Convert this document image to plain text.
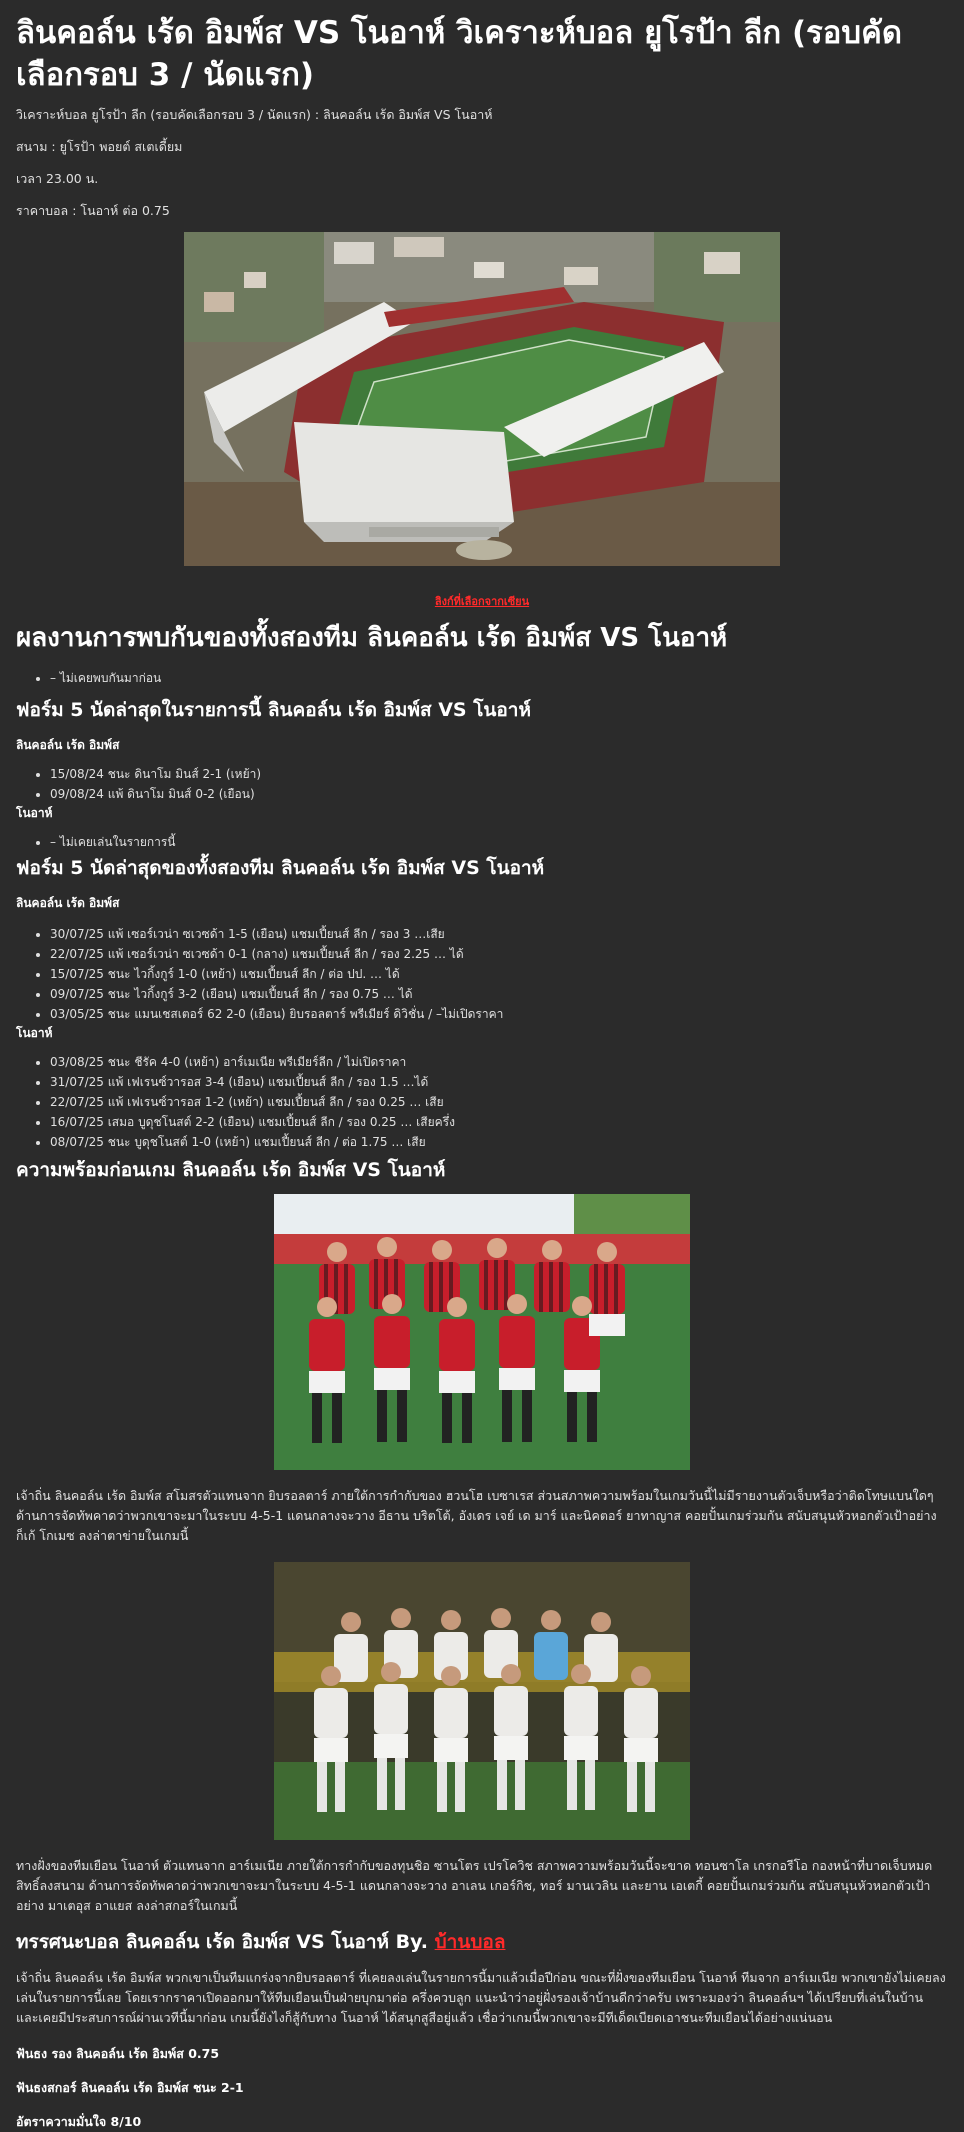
ลินคอล์น เร้ด อิมพ์ส VS โนอาห์ วิเคราะห์บอล ยูโรป้า ลีก (รอบคัดเลือกรอบ 3 / นัดแรก)

วิเคราะห์บอล ยูโรป้า ลีก (รอบคัดเลือกรอบ 3 / นัดแรก) : ลินคอล์น เร้ด อิมพ์ส VS โนอาห์

สนาม : ยูโรป้า พอยต์ สเตเดี้ยม

เวลา 23.00 น.

ราคาบอล : โนอาห์ ต่อ 0.75

ลิงก์ที่เลือกจากเซียน

ผลงานการพบกันของทั้งสองทีม ลินคอล์น เร้ด อิมพ์ส VS โนอาห์
• – ไม่เคยพบกันมาก่อน
ฟอร์ม 5 นัดล่าสุดในรายการนี้ ลินคอล์น เร้ด อิมพ์ส VS โนอาห์

ลินคอล์น เร้ด อิมพ์ส

• 15/08/24 ชนะ ดินาโม มินส์ 2-1 (เหย้า)
• 09/08/24 แพ้ ดินาโม มินส์ 0-2 (เยือน)

โนอาห์

• – ไม่เคยเล่นในรายการนี้
ฟอร์ม 5 นัดล่าสุดของทั้งสองทีม ลินคอล์น เร้ด อิมพ์ส VS โนอาห์

ลินคอล์น เร้ด อิมพ์ส

• 30/07/25 แพ้ เซอร์เวน่า ซเวซด้า 1-5 (เยือน) แชมเปี้ยนส์ ลีก / รอง 3 …เสีย
• 22/07/25 แพ้ เซอร์เวน่า ซเวซด้า 0-1 (กลาง) แชมเปี้ยนส์ ลีก / รอง 2.25 … ได้
• 15/07/25 ชนะ ไวกิ้งกูร์ 1-0 (เหย้า) แชมเปี้ยนส์ ลีก / ต่อ ปป. … ได้
• 09/07/25 ชนะ ไวกิ้งกูร์ 3-2 (เยือน) แชมเปี้ยนส์ ลีก / รอง 0.75 … ได้
• 03/05/25 ชนะ แมนเชสเตอร์ 62 2-0 (เยือน) ยิบรอลตาร์ พรีเมียร์ ดิวิชั่น / –ไม่เปิดราคา

โนอาห์

• 03/08/25 ชนะ ชีรัค 4-0 (เหย้า) อาร์เมเนีย พรีเมียร์ลีก / ไม่เปิดราคา
• 31/07/25 แพ้ เฟเรนซ์วารอส 3-4 (เยือน) แชมเปี้ยนส์ ลีก / รอง 1.5 …ได้
• 22/07/25 แพ้ เฟเรนซ์วารอส 1-2 (เหย้า) แชมเปี้ยนส์ ลีก / รอง 0.25 … เสีย
• 16/07/25 เสมอ บูดุชโนสต์ 2-2 (เยือน) แชมเปี้ยนส์ ลีก / รอง 0.25 … เสียครึ่ง
• 08/07/25 ชนะ บูดุชโนสต์ 1-0 (เหย้า) แชมเปี้ยนส์ ลีก / ต่อ 1.75 … เสีย
ความพร้อมก่อนเกม ลินคอล์น เร้ด อิมพ์ส VS โนอาห์

เจ้าถิ่น ลินคอล์น เร้ด อิมพ์ส สโมสรตัวแทนจาก ยิบรอลตาร์ ภายใต้การกำกับของ ฮวนโฮ เบซาเรส ส่วนสภาพความพร้อมในเกมวันนี้ไม่มีรายงานตัวเจ็บหรือว่าติดโทษแบนใดๆ ด้านการจัดทัพคาดว่าพวกเขาจะมาในระบบ 4-5-1 แดนกลางจะวาง อีธาน บริตโต้, อังเดร เจย์ เด มาร์ และนิคตอร์ ยาทาญาส คอยปั้นเกมร่วมกัน สนับสนุนหัวหอกตัวเป้าอย่าง ก็เก้ โกเมซ ลงล่าตาข่ายในเกมนี้

ทางฝั่งของทีมเยือน โนอาห์ ตัวแทนจาก อาร์เมเนีย ภายใต้การกำกับของทุนชิอ ซานโตร เปรโควิช สภาพความพร้อมวันนี้จะขาด ทอนซาโล เกรกอรีโอ กองหน้าที่บาดเจ็บหมดสิทธิ์ลงสนาม ด้านการจัดทัพคาดว่าพวกเขาจะมาในระบบ 4-5-1 แดนกลางจะวาง อาเลน เกอร์กิช, ทอร์ มานเวลิน และยาน เอเตกี้ คอยปั้นเกมร่วมกัน สนับสนุนหัวหอกตัวเป้าอย่าง มาเตอุส อาแยส ลงล่าสกอร์ในเกมนี้

ทรรศนะบอล ลินคอล์น เร้ด อิมพ์ส VS โนอาห์ By. บ้านบอล

เจ้าถิ่น ลินคอล์น เร้ด อิมพ์ส พวกเขาเป็นทีมแกร่งจากยิบรอลตาร์ ที่เคยลงเล่นในรายการนี้มาแล้วเมื่อปีก่อน ขณะที่ฝั่งของทีมเยือน โนอาห์ ทีมจาก อาร์เมเนีย พวกเขายังไม่เคยลงเล่นในรายการนี้เลย โดยเรากราคาเปิดออกมาให้ทีมเยือนเป็นฝ่ายบุกมาต่อ ครึ่งควบลูก แนะนำว่าอยู่ฝั่งรองเจ้าบ้านดีกว่าครับ เพราะมองว่า ลินคอล์นฯ ได้เปรียบที่เล่นในบ้าน และเคยมีประสบการณ์ผ่านเวทีนี้มาก่อน เกมนี้ยังไงก็สู้กับทาง โนอาห์ ได้สนุกสูสีอยู่แล้ว เชื่อว่าเกมนี้พวกเขาจะมีทีเด็ดเบียดเอาชนะทีมเยือนได้อย่างแน่นอน

ฟันธง รอง ลินคอล์น เร้ด อิมพ์ส 0.75

ฟันธงสกอร์ ลินคอล์น เร้ด อิมพ์ส ชนะ 2-1

อัตราความมั่นใจ 8/10
